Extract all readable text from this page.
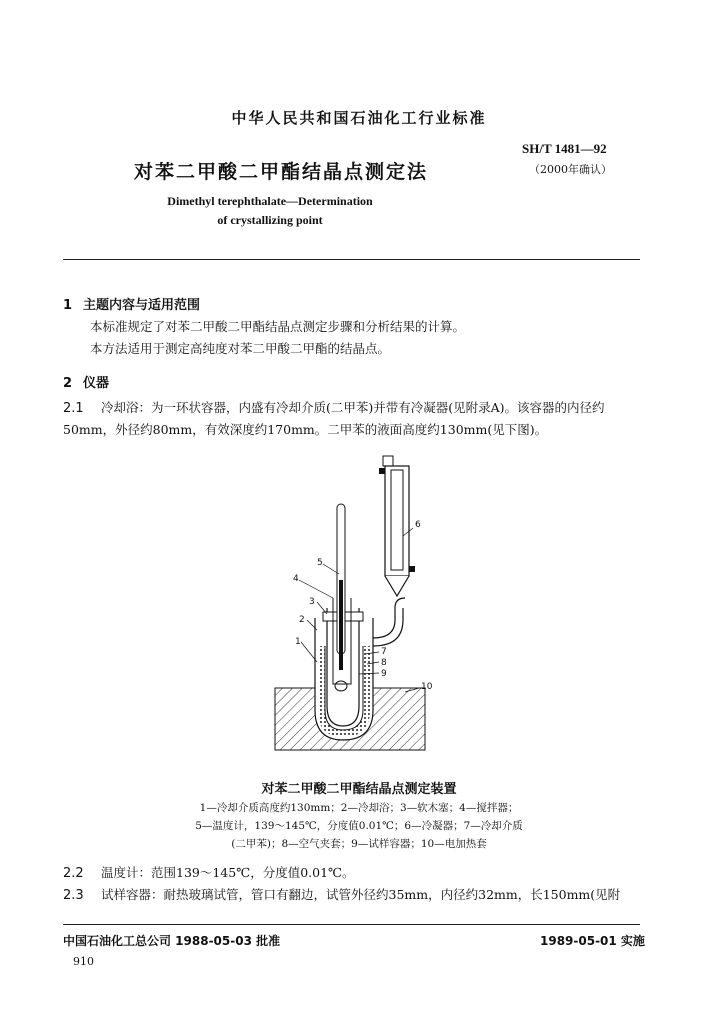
中华人民共和国石油化工行业标准
SH/T 1481—92
（2000年确认）
对苯二甲酸二甲酯结晶点测定法
Dimethyl terephthalate—Determination
of crystallizing point
1 主题内容与适用范围
本标准规定了对苯二甲酸二甲酯结晶点测定步骤和分析结果的计算。
本方法适用于测定高纯度对苯二甲酸二甲酯的结晶点。
2 仪器
2.1 冷却浴：为一环状容器，内盛有冷却介质(二甲苯)并带有冷凝器(见附录A)。该容器的内径约
50mm，外径约80mm，有效深度约170mm。二甲苯的液面高度约130mm(见下图)。
1
2
3
4
5
6
7
8
9
10
对苯二甲酸二甲酯结晶点测定装置
1—冷却介质高度约130mm；2—冷却浴；3—软木塞；4—搅拌器；
5—温度计，139～145℃，分度值0.01℃；6—冷凝器；7—冷却介质
(二甲苯)；8—空气夹套；9—试样容器；10—电加热套
2.2 温度计：范围139～145℃，分度值0.01℃。
2.3 试样容器：耐热玻璃试管，管口有翻边，试管外径约35mm，内径约32mm，长150mm(见附
中国石油化工总公司 1988-05-03 批准	1989-05-01 实施
910
